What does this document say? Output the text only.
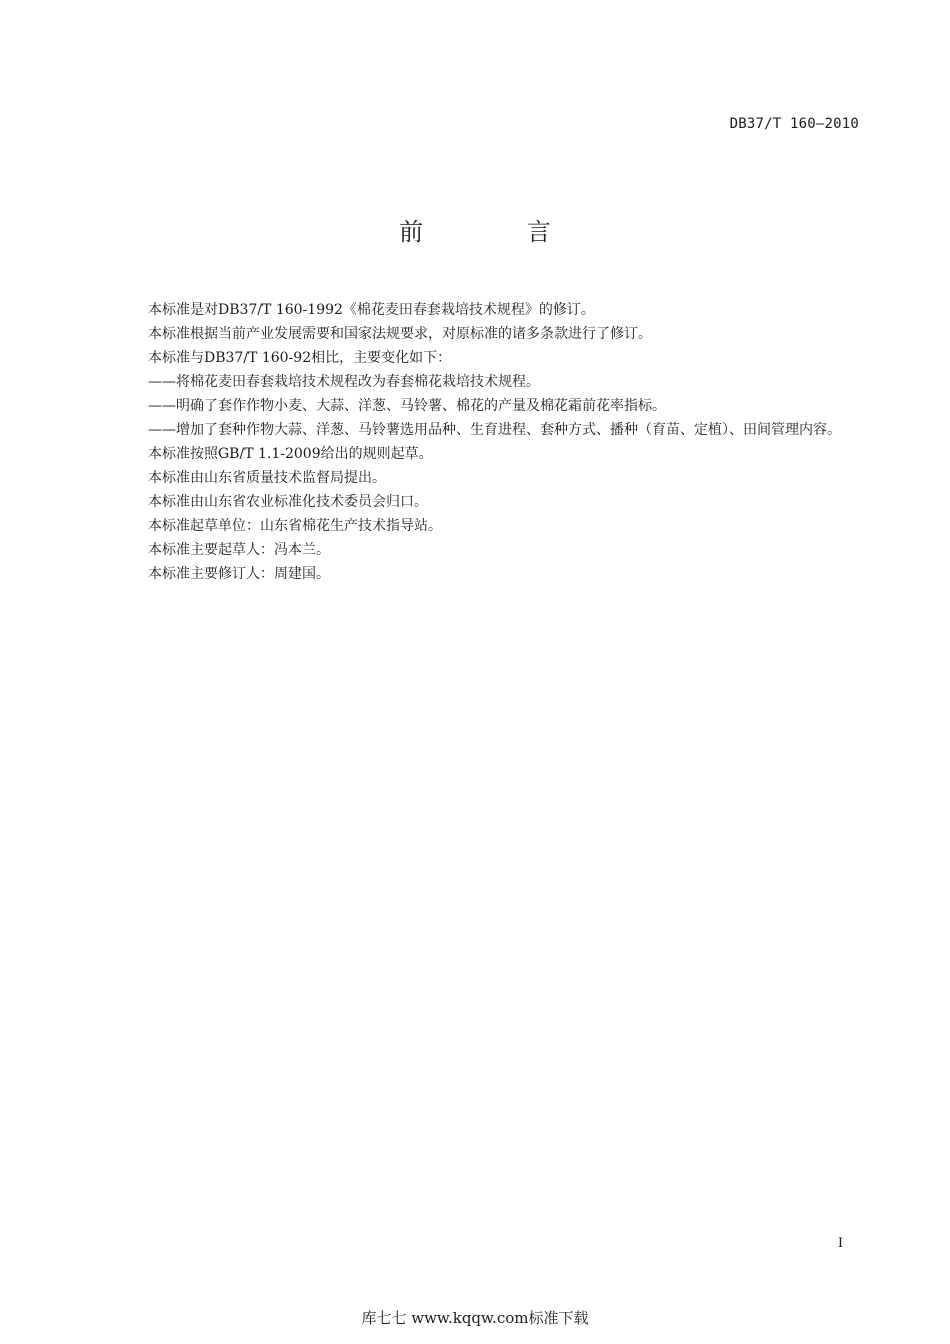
DB37/T 160—2010
前 言

本标准是对DB37/T 160-1992《棉花麦田春套栽培技术规程》的修订。

本标准根据当前产业发展需要和国家法规要求，对原标准的诸多条款进行了修订。

本标准与DB37/T 160-92相比，主要变化如下：

——将棉花麦田春套栽培技术规程改为春套棉花栽培技术规程。

——明确了套作作物小麦、大蒜、洋葱、马铃薯、棉花的产量及棉花霜前花率指标。

——增加了套种作物大蒜、洋葱、马铃薯选用品种、生育进程、套种方式、播种（育苗、定植）、田间管理内容。

本标准按照GB/T 1.1-2009给出的规则起草。

本标准由山东省质量技术监督局提出。

本标准由山东省农业标准化技术委员会归口。

本标准起草单位：山东省棉花生产技术指导站。

本标准主要起草人：冯本兰。

本标准主要修订人：周建国。

I
库七七 www.kqqw.com标准下载
